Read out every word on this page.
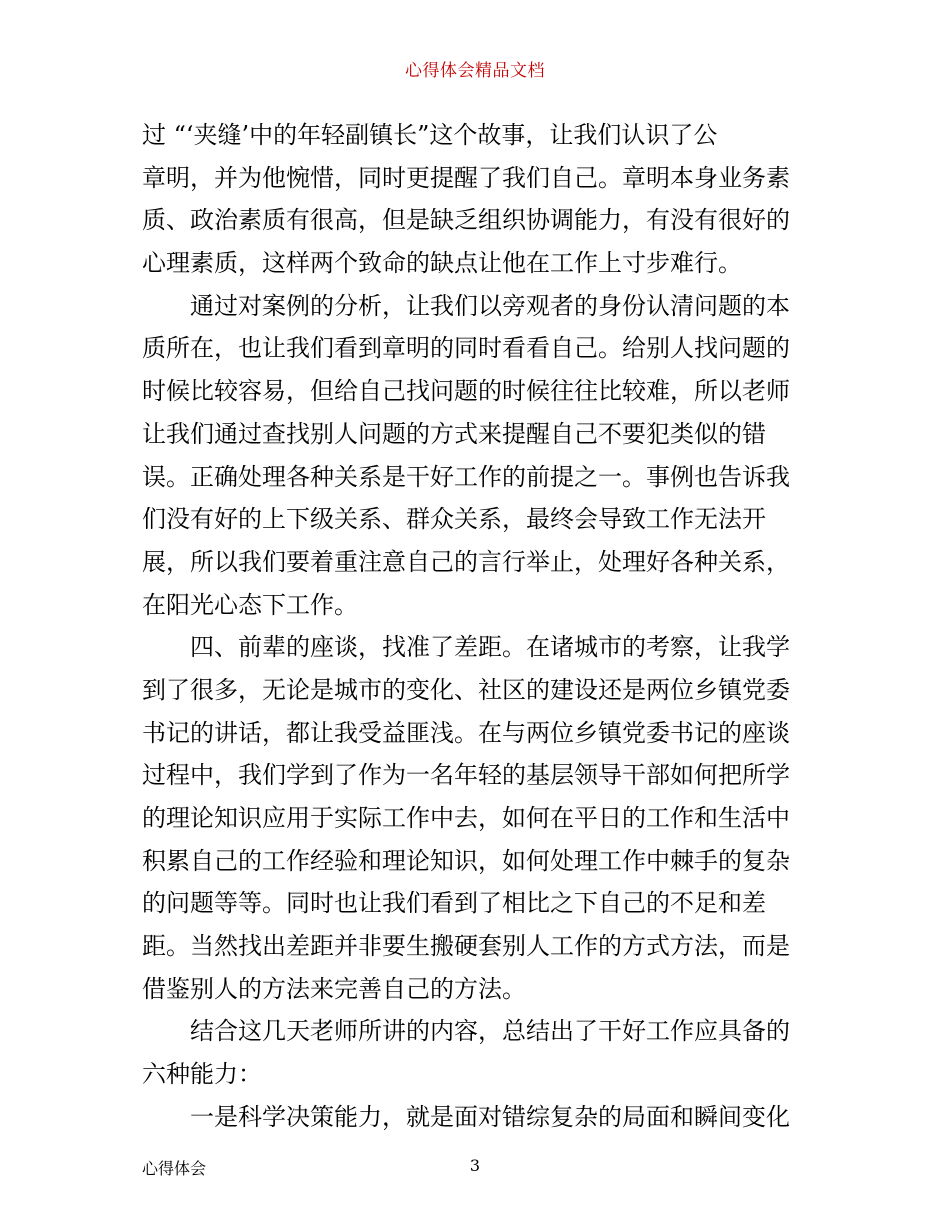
心得体会精品文档
过 “‘夹缝’中的年轻副镇长”这个故事，让我们认识了公
章明，并为他惋惜，同时更提醒了我们自己。章明本身业务素
质、政治素质有很高，但是缺乏组织协调能力，有没有很好的
心理素质，这样两个致命的缺点让他在工作上寸步难行。
通过对案例的分析，让我们以旁观者的身份认清问题的本
质所在，也让我们看到章明的同时看看自己。给别人找问题的
时候比较容易，但给自己找问题的时候往往比较难，所以老师
让我们通过查找别人问题的方式来提醒自己不要犯类似的错
误。正确处理各种关系是干好工作的前提之一。事例也告诉我
们没有好的上下级关系、群众关系，最终会导致工作无法开
展，所以我们要着重注意自己的言行举止，处理好各种关系，
在阳光心态下工作。
四、前辈的座谈，找准了差距。在诸城市的考察，让我学
到了很多，无论是城市的变化、社区的建设还是两位乡镇党委
书记的讲话，都让我受益匪浅。在与两位乡镇党委书记的座谈
过程中，我们学到了作为一名年轻的基层领导干部如何把所学
的理论知识应用于实际工作中去，如何在平日的工作和生活中
积累自己的工作经验和理论知识，如何处理工作中棘手的复杂
的问题等等。同时也让我们看到了相比之下自己的不足和差
距。当然找出差距并非要生搬硬套别人工作的方式方法，而是
借鉴别人的方法来完善自己的方法。
结合这几天老师所讲的内容，总结出了干好工作应具备的
六种能力：
一是科学决策能力，就是面对错综复杂的局面和瞬间变化
心得体会	3
